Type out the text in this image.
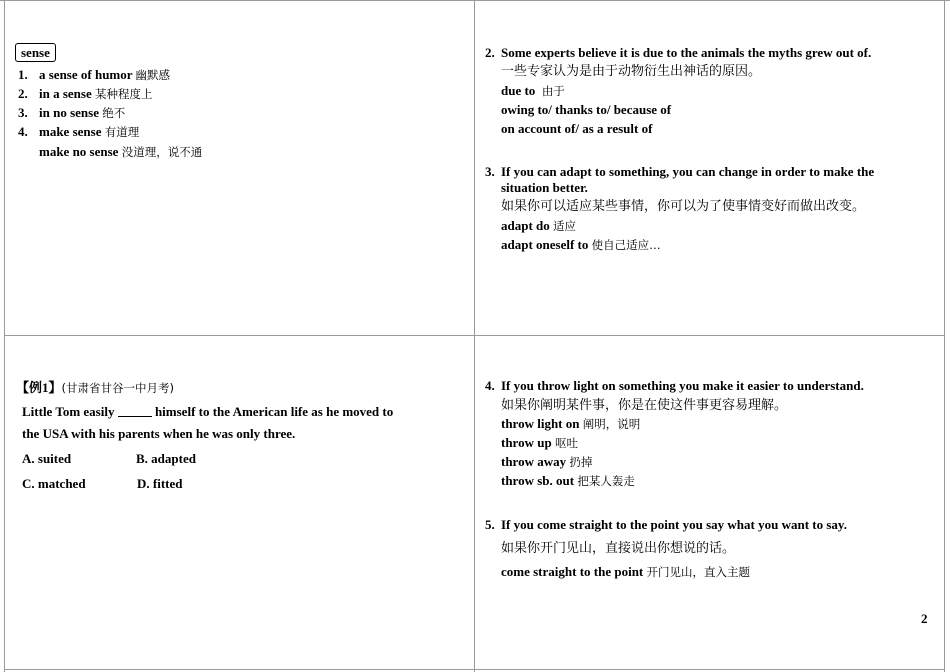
sense
1. a sense of humor 幽默感
2. in a sense 某种程度上
3. in no sense 绝不
4. make sense 有道理
make no sense 没道理，说不通
2. Some experts believe it is due to the animals the myths grew out of.
一些专家认为是由于动物衍生出神话的原因。
due to 由于
owing to/ thanks to/ because of
on account of/ as a result of
3. If you can adapt to something, you can change in order to make the
situation better.
如果你可以适应某些事情，你可以为了使事情变好而做出改变。
adapt do 适应
adapt oneself to 使自己适应…
【例1】(甘肃省甘谷一中月考)
Little Tom easily	himself to the American life as he moved to
the USA with his parents when he was only three.
A. suited	B. adapted
C. matched	D. fitted
4. If you throw light on something you make it easier to understand.
如果你阐明某件事，你是在使这件事更容易理解。
throw light on 阐明，说明
throw up 呕吐
throw away 扔掉
throw sb. out 把某人轰走
5. If you come straight to the point you say what you want to say.
如果你开门见山，直接说出你想说的话。
come straight to the point 开门见山，直入主题
2
